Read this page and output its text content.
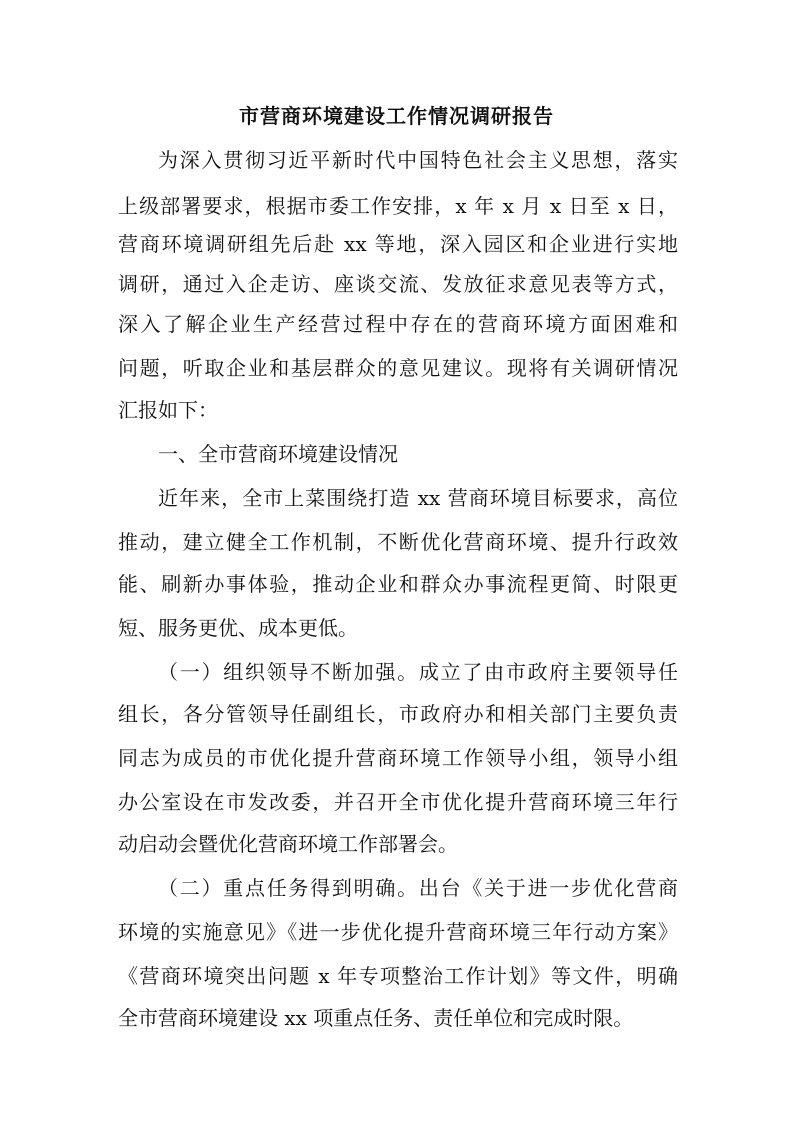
市营商环境建设工作情况调研报告
为深入贯彻习近平新时代中国特色社会主义思想，落实
上级部署要求，根据市委工作安排，x 年 x 月 x 日至 x 日，
营商环境调研组先后赴 xx 等地，深入园区和企业进行实地
调研，通过入企走访、座谈交流、发放征求意见表等方式，
深入了解企业生产经营过程中存在的营商环境方面困难和
问题，听取企业和基层群众的意见建议。现将有关调研情况
汇报如下：
一、全市营商环境建设情况
近年来，全市上菜围绕打造 xx 营商环境目标要求，高位
推动，建立健全工作机制，不断优化营商环境、提升行政效
能、刷新办事体验，推动企业和群众办事流程更简、时限更
短、服务更优、成本更低。
（一）组织领导不断加强。成立了由市政府主要领导任
组长，各分管领导任副组长，市政府办和相关部门主要负责
同志为成员的市优化提升营商环境工作领导小组，领导小组
办公室设在市发改委，并召开全市优化提升营商环境三年行
动启动会暨优化营商环境工作部署会。
（二）重点任务得到明确。出台《关于进一步优化营商
环境的实施意见》《进一步优化提升营商环境三年行动方案》
《营商环境突出问题 x 年专项整治工作计划》等文件，明确
全市营商环境建设 xx 项重点任务、责任单位和完成时限。
